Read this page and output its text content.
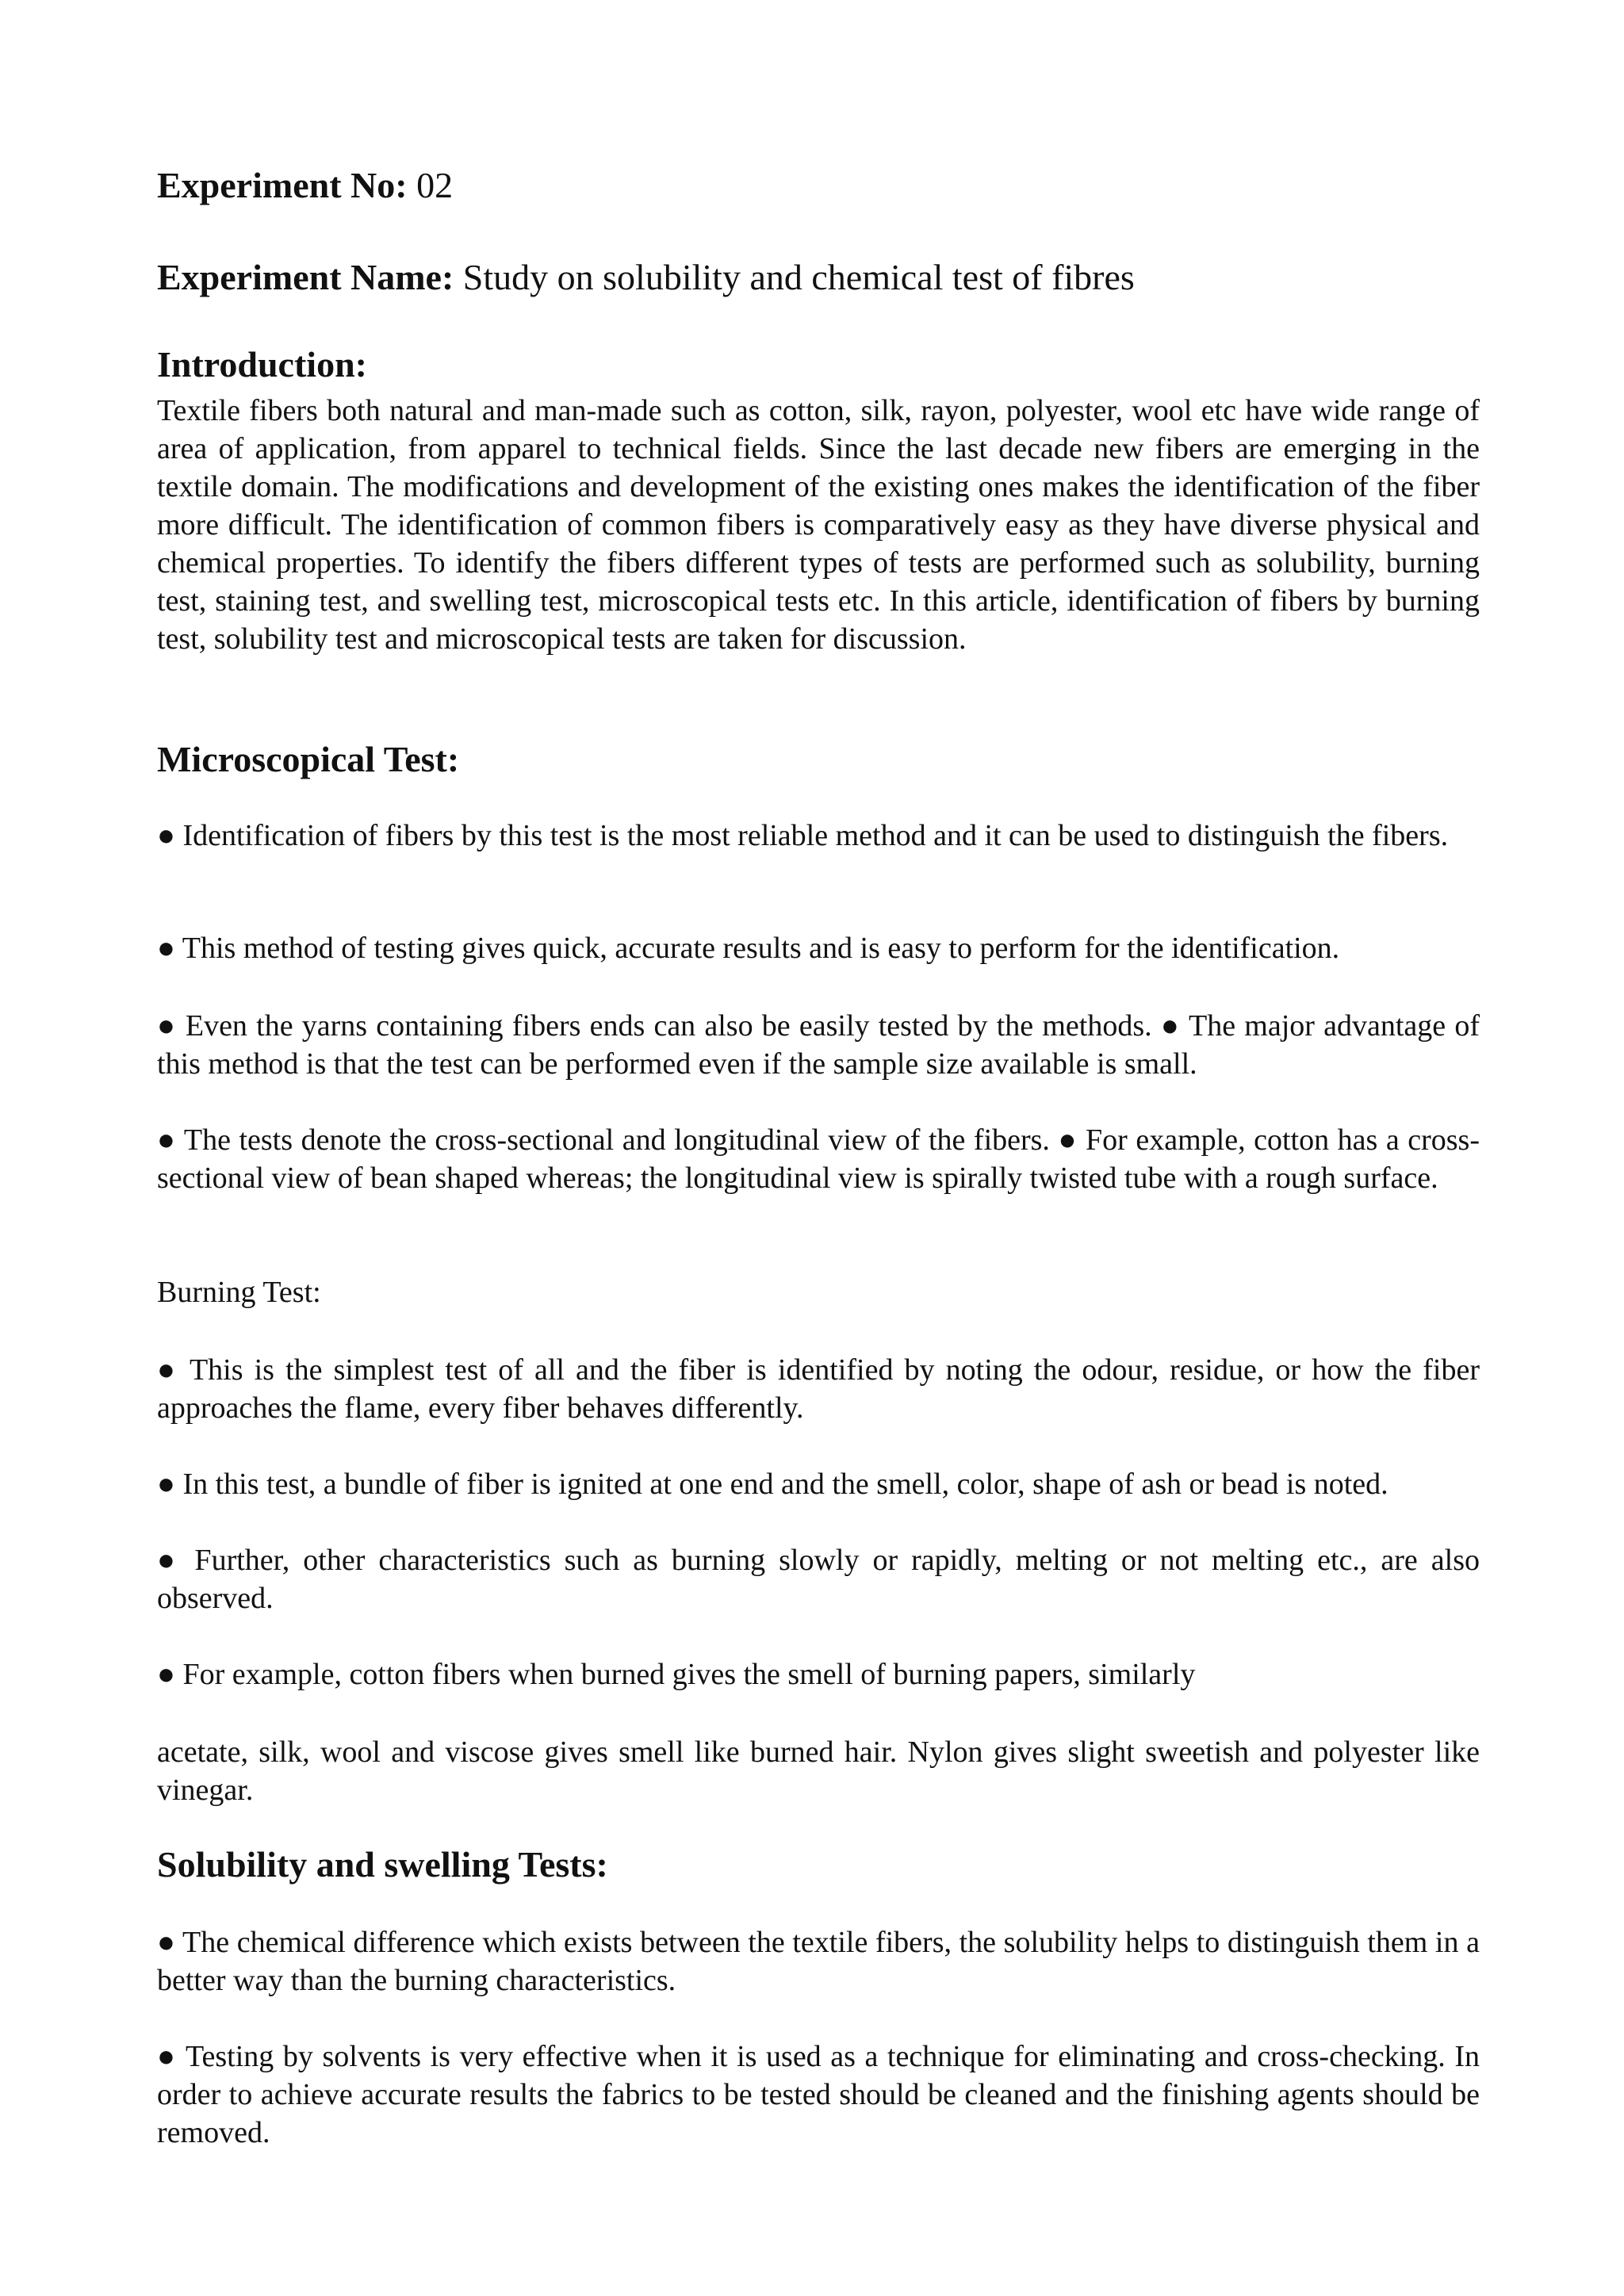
Experiment No: 02
Experiment Name: Study on solubility and chemical test of fibres
Introduction:

Textile fibers both natural and man-made such as cotton, silk, rayon, polyester, wool etc have wide range of area of application, from apparel to technical fields. Since the last decade new fibers are emerging in the textile domain. The modifications and development of the existing ones makes the identification of the fiber more difficult. The identification of common fibers is comparatively easy as they have diverse physical and chemical properties. To identify the fibers different types of tests are performed such as solubility, burning test, staining test, and swelling test, microscopical tests etc. In this article, identification of fibers by burning test, solubility test and microscopical tests are taken for discussion.

Microscopical Test:

● Identification of fibers by this test is the most reliable method and it can be used to distinguish the fibers.

● This method of testing gives quick, accurate results and is easy to perform for the identification.

● Even the yarns containing fibers ends can also be easily tested by the methods. ● The major advantage of this method is that the test can be performed even if the sample size available is small.

● The tests denote the cross-sectional and longitudinal view of the fibers. ● For example, cotton has a cross-sectional view of bean shaped whereas; the longitudinal view is spirally twisted tube with a rough surface.

Burning Test:

● This is the simplest test of all and the fiber is identified by noting the odour, residue, or how the fiber approaches the flame, every fiber behaves differently.

● In this test, a bundle of fiber is ignited at one end and the smell, color, shape of ash or bead is noted.

● Further, other characteristics such as burning slowly or rapidly, melting or not melting etc., are also observed.

● For example, cotton fibers when burned gives the smell of burning papers, similarly

acetate, silk, wool and viscose gives smell like burned hair. Nylon gives slight sweetish and polyester like vinegar.

Solubility and swelling Tests:

● The chemical difference which exists between the textile fibers, the solubility helps to distinguish them in a better way than the burning characteristics.

● Testing by solvents is very effective when it is used as a technique for eliminating and cross-checking. In order to achieve accurate results the fabrics to be tested should be cleaned and the finishing agents should be removed.
